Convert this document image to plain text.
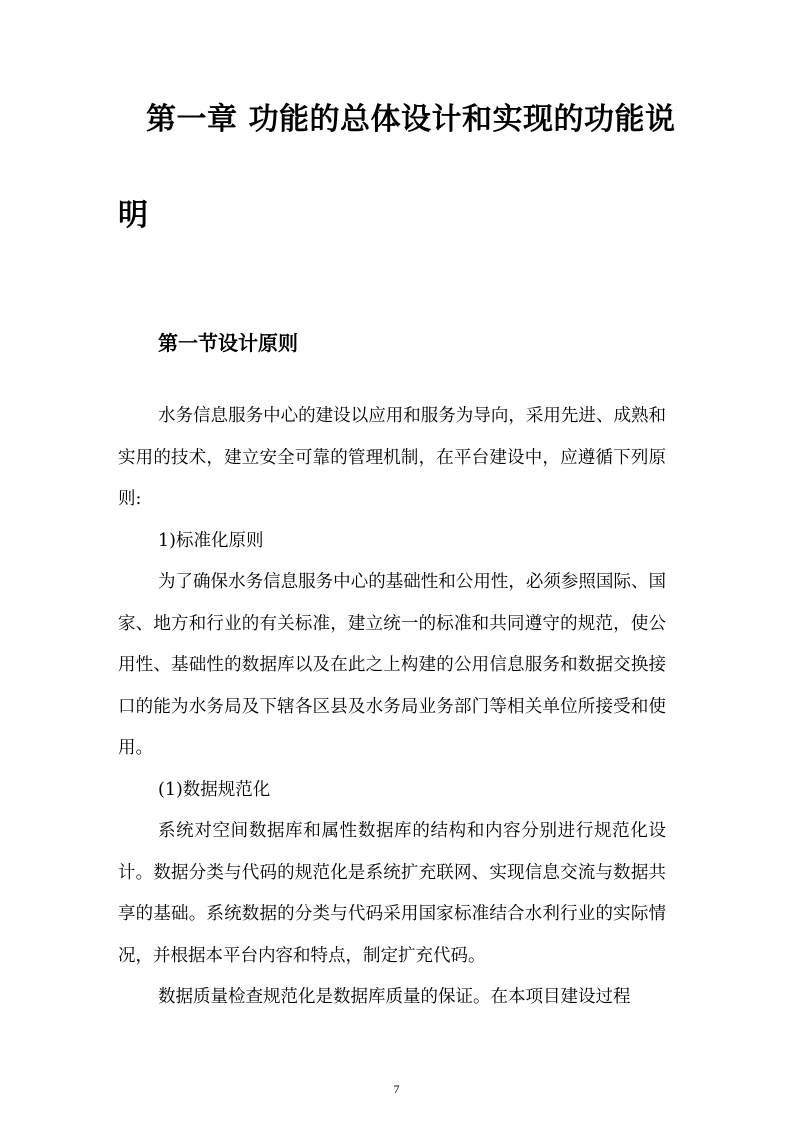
第一章 功能的总体设计和实现的功能说
明
第一节设计原则

水务信息服务中心的建设以应用和服务为导向，采用先进、成熟和实用的技术，建立安全可靠的管理机制，在平台建设中，应遵循下列原则:

1)标准化原则

为了确保水务信息服务中心的基础性和公用性，必须参照国际、国家、地方和行业的有关标准，建立统一的标准和共同遵守的规范，使公用性、基础性的数据库以及在此之上构建的公用信息服务和数据交换接口的能为水务局及下辖各区县及水务局业务部门等相关单位所接受和使用。

(1)数据规范化

系统对空间数据库和属性数据库的结构和内容分别进行规范化设计。数据分类与代码的规范化是系统扩充联网、实现信息交流与数据共享的基础。系统数据的分类与代码采用国家标准结合水利行业的实际情况，并根据本平台内容和特点，制定扩充代码。

数据质量检查规范化是数据库质量的保证。在本项目建设过程

7
